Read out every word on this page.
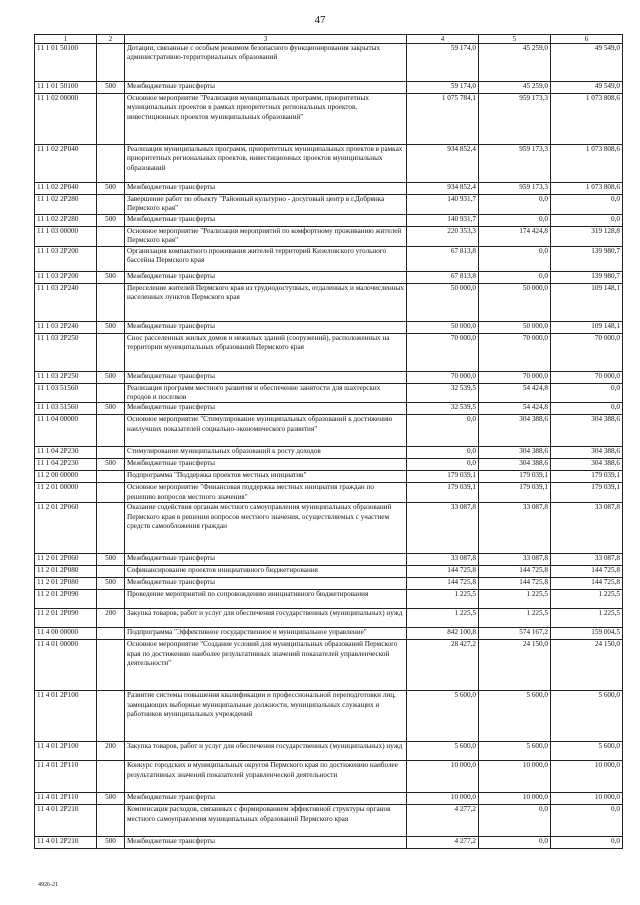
47
1	2	3	4	5	6
11 1 01 50100		Дотации, связанные с особым режимом безопасного функционирования закрытых административно-территориальных образований	59 174,0	45 259,0	49 549,0
11 1 01 50100	500	Межбюджетные трансферты	59 174,0	45 259,0	49 549,0
11 1 02 00000		Основное мероприятие "Реализация муниципальных программ, приоритетных муниципальных проектов в рамках приоритетных региональных проектов, инвестиционных проектов муниципальных образований"	1 075 784,1	959 173,3	1 073 808,6
11 1 02 2P040		Реализация муниципальных программ, приоритетных муниципальных проектов в рамках приоритетных региональных проектов, инвестиционных проектов муниципальных образований	934 852,4	959 173,3	1 073 808,6
11 1 02 2P040	500	Межбюджетные трансферты	934 852,4	959 173,3	1 073 808,6
11 1 02 2P280		Завершение работ по объекту "Районный культурно - досуговый центр в г.Добрянка Пермского края"	140 931,7	0,0	0,0
11 1 02 2P280	500	Межбюджетные трансферты	140 931,7	0,0	0,0
11 1 03 00000		Основное мероприятие "Реализация мероприятий по комфортному проживанию жителей Пермского края"	220 353,3	174 424,8	319 128,8
11 1 03 2P200		Организация компактного проживания жителей территорий Кизеловского угольного бассейна Пермского края	67 813,8	0,0	139 980,7
11 1 03 2P200	500	Межбюджетные трансферты	67 813,8	0,0	139 980,7
11 1 03 2P240		Переселение жителей Пермского края из труднодоступных, отдаленных и малочисленных населенных пунктов Пермского края	50 000,0	50 000,0	109 148,1
11 1 03 2P240	500	Межбюджетные трансферты	50 000,0	50 000,0	109 148,1
11 1 03 2P250		Снос расселенных жилых домов и нежилых зданий (сооружений), расположенных на территории муниципальных образований Пермского края	70 000,0	70 000,0	70 000,0
11 1 03 2P250	500	Межбюджетные трансферты	70 000,0	70 000,0	70 000,0
11 1 03 51560		Реализация программ местного развития и обеспечение занятости для шахтерских городов и поселков	32 539,5	54 424,8	0,0
11 1 03 51560	500	Межбюджетные трансферты	32 539,5	54 424,8	0,0
11 1 04 00000		Основное мероприятие "Стимулирование муниципальных образований к достижению наилучших показателей социально-экономического развития"	0,0	304 388,6	304 388,6
11 1 04 2P230		Стимулирование муниципальных образований к росту доходов	0,0	304 388,6	304 388,6
11 1 04 2P230	500	Межбюджетные трансферты	0,0	304 388,6	304 388,6
11 2 00 00000		Подпрограмма "Поддержка проектов местных инициатив"	179 039,1	179 039,1	179 039,1
11 2 01 00000		Основное мероприятие "Финансовая поддержка местных инициатив граждан по решению вопросов местного значения"	179 039,1	179 039,1	179 039,1
11 2 01 2P060		Оказание содействия органам местного самоуправления муниципальных образований Пермского края в решении вопросов местного значения, осуществляемых с участием средств самообложения граждан	33 087,8	33 087,8	33 087,8
11 2 01 2P060	500	Межбюджетные трансферты	33 087,8	33 087,8	33 087,8
11 2 01 2P080		Софинансирование проектов инициативного бюджетирования	144 725,8	144 725,8	144 725,8
11 2 01 2P080	500	Межбюджетные трансферты	144 725,8	144 725,8	144 725,8
11 2 01 2P090		Проведение мероприятий по сопровождению инициативного бюджетирования	1 225,5	1 225,5	1 225,5
11 2 01 2P090	200	Закупка товаров, работ и услуг для обеспечения государственных (муниципальных) нужд	1 225,5	1 225,5	1 225,5
11 4 00 00000		Подпрограмма "Эффективное государственное и муниципальное управление"	842 100,8	574 167,2	159 004,5
11 4 01 00000		Основное мероприятие "Создание условий для муниципальных образований Пермского края по достижению наиболее результативных значений показателей управленческой деятельности"	28 427,2	24 150,0	24 150,0
11 4 01 2P100		Развитие системы повышения квалификации и профессиональной переподготовки лиц, замещающих выборные муниципальные должности, муниципальных служащих и работников муниципальных учреждений	5 600,0	5 600,0	5 600,0
11 4 01 2P100	200	Закупка товаров, работ и услуг для обеспечения государственных (муниципальных) нужд	5 600,0	5 600,0	5 600,0
11 4 01 2P110		Конкурс городских и муниципальных округов Пермского края по достижению наиболее результативных значений показателей управленческой деятельности	10 000,0	10 000,0	10 000,0
11 4 01 2P110	500	Межбюджетные трансферты	10 000,0	10 000,0	10 000,0
11 4 01 2P210		Компенсация расходов, связанных с формированием эффективной структуры органов местного самоуправления муниципальных образований Пермского края	4 277,2	0,0	0,0
11 4 01 2P210	500	Межбюджетные трансферты	4 277,2	0,0	0,0
4926-21
